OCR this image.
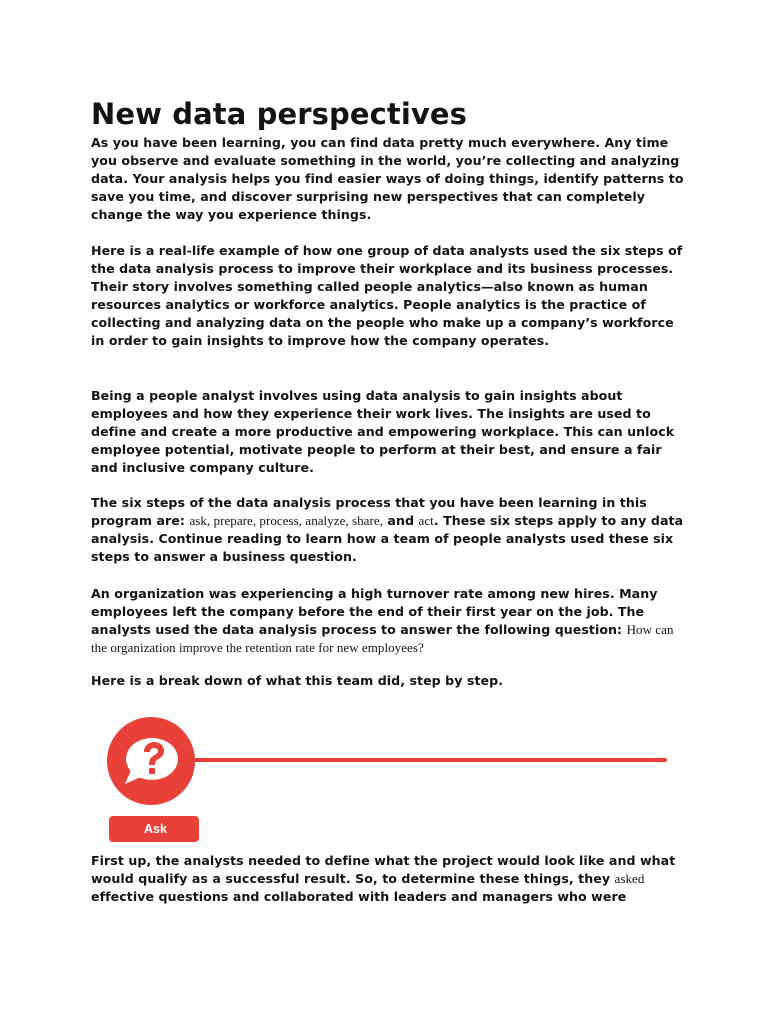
New data perspectives

As you have been learning, you can find data pretty much everywhere. Any time you observe and evaluate something in the world, you’re collecting and analyzing data. Your analysis helps you find easier ways of doing things, identify patterns to save you time, and discover surprising new perspectives that can completely change the way you experience things.

Here is a real-life example of how one group of data analysts used the six steps of the data analysis process to improve their workplace and its business processes. Their story involves something called people analytics—also known as human resources analytics or workforce analytics. People analytics is the practice of collecting and analyzing data on the people who make up a company’s workforce in order to gain insights to improve how the company operates.

Being a people analyst involves using data analysis to gain insights about employees and how they experience their work lives. The insights are used to define and create a more productive and empowering workplace. This can unlock employee potential, motivate people to perform at their best, and ensure a fair and inclusive company culture.

The six steps of the data analysis process that you have been learning in this program are: ask, prepare, process, analyze, share, and act. These six steps apply to any data analysis. Continue reading to learn how a team of people analysts used these six steps to answer a business question.

An organization was experiencing a high turnover rate among new hires. Many employees left the company before the end of their first year on the job. The analysts used the data analysis process to answer the following question: How can the organization improve the retention rate for new employees?

Here is a break down of what this team did, step by step.

Ask

First up, the analysts needed to define what the project would look like and what would qualify as a successful result. So, to determine these things, they asked effective questions and collaborated with leaders and managers who were
